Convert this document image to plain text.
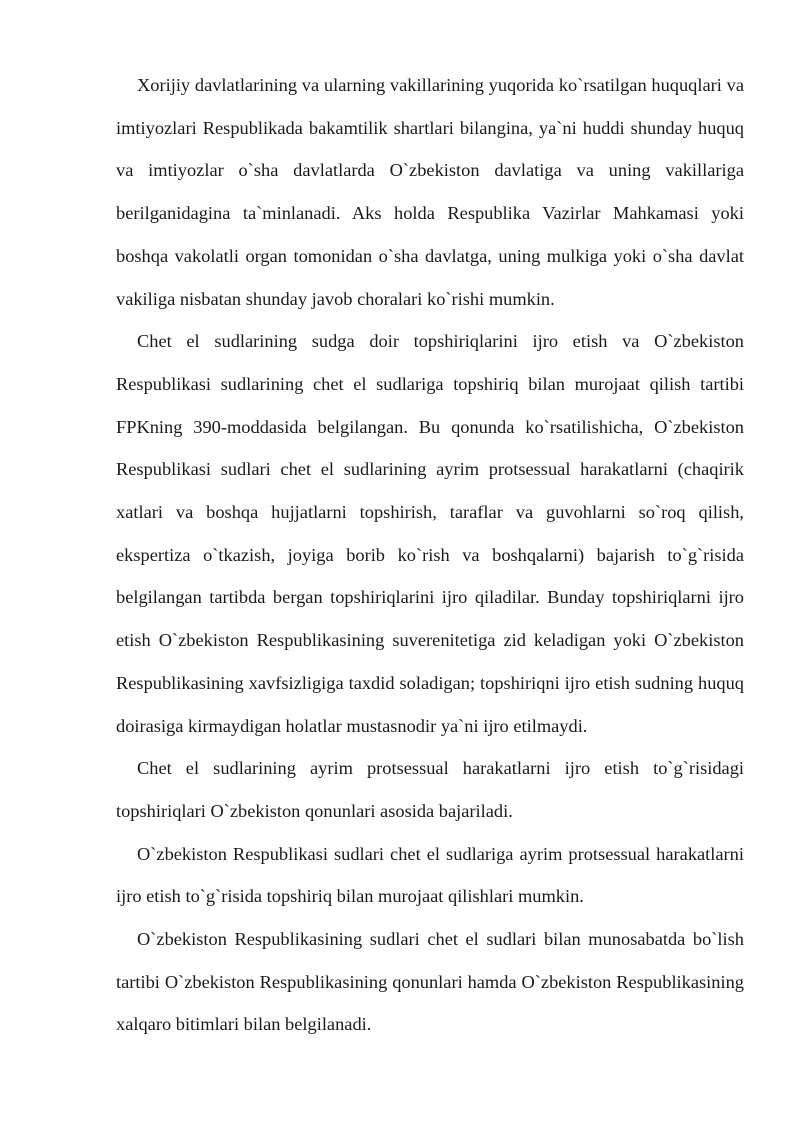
Xorijiy davlatlarining va ularning vakillarining yuqorida ko`rsatilgan huquqlari va imtiyozlari Respublikada bakamtilik shartlari bilangina, ya`ni huddi shunday huquq va imtiyozlar o`sha davlatlarda O`zbekiston davlatiga va uning vakillariga berilganidagina ta`minlanadi. Aks holda Respublika Vazirlar Mahkamasi yoki boshqa vakolatli organ tomonidan o`sha davlatga, uning mulkiga yoki o`sha davlat vakiliga nisbatan shunday javob choralari ko`rishi mumkin.

Chet el sudlarining sudga doir topshiriqlarini ijro etish va O`zbekiston Respublikasi sudlarining chet el sudlariga topshiriq bilan murojaat qilish tartibi FPKning 390-moddasida belgilangan. Bu qonunda ko`rsatilishicha, O`zbekiston Respublikasi sudlari chet el sudlarining ayrim protsessual harakatlarni (chaqirik xatlari va boshqa hujjatlarni topshirish, taraflar va guvohlarni so`roq qilish, ekspertiza o`tkazish, joyiga borib ko`rish va boshqalarni) bajarish to`g`risida belgilangan tartibda bergan topshiriqlarini ijro qiladilar. Bunday topshiriqlarni ijro etish O`zbekiston Respublikasining suverenitetiga zid keladigan yoki O`zbekiston Respublikasining xavfsizligiga taxdid soladigan; topshiriqni ijro etish sudning huquq doirasiga kirmaydigan holatlar mustasnodir ya`ni ijro etilmaydi.

Chet el sudlarining ayrim protsessual harakatlarni ijro etish to`g`risidagi topshiriqlari O`zbekiston qonunlari asosida bajariladi.

O`zbekiston Respublikasi sudlari chet el sudlariga ayrim protsessual harakatlarni ijro etish to`g`risida topshiriq bilan murojaat qilishlari mumkin.

O`zbekiston Respublikasining sudlari chet el sudlari bilan munosabatda bo`lish tartibi O`zbekiston Respublikasining qonunlari hamda O`zbekiston Respublikasining xalqaro bitimlari bilan belgilanadi.
